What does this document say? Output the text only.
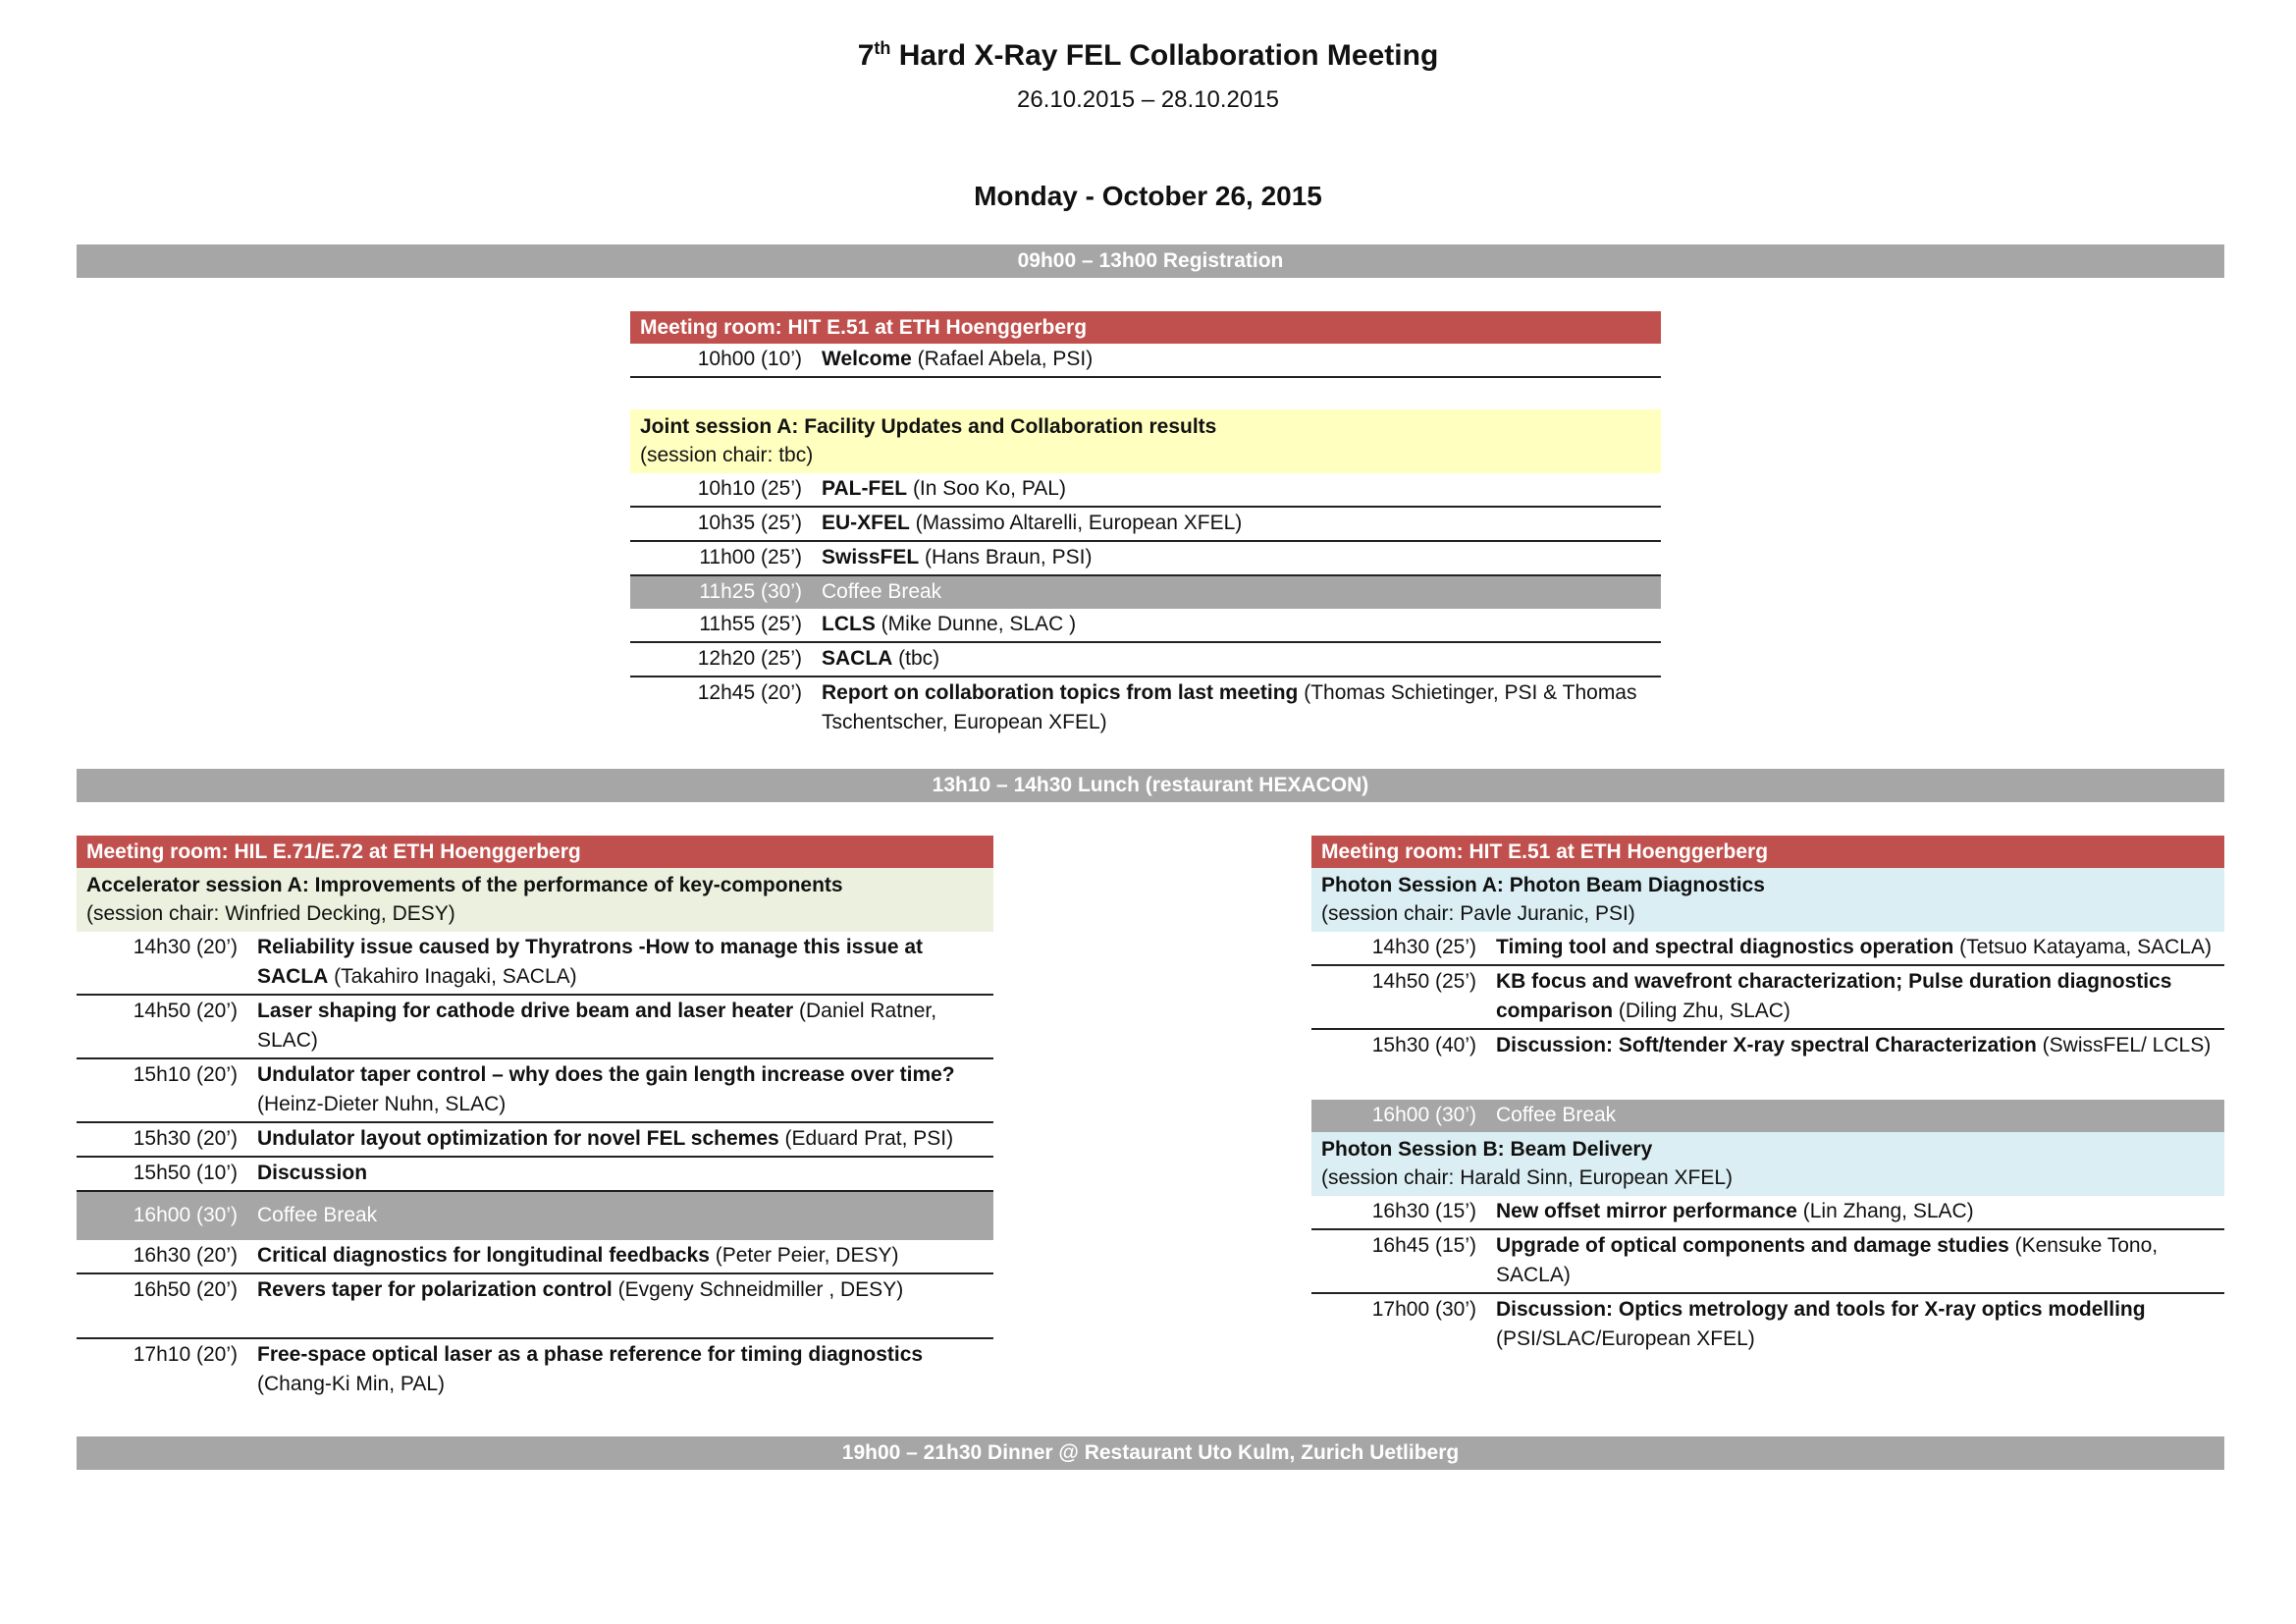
7th Hard X-Ray FEL Collaboration Meeting
26.10.2015 – 28.10.2015
Monday - October 26, 2015
09h00 – 13h00 Registration
Meeting room: HIT E.51 at ETH Hoenggerberg
10h00 (10’) Welcome (Rafael Abela, PSI)
Joint session A: Facility Updates and Collaboration results
(session chair: tbc)
10h10 (25’) PAL-FEL (In Soo Ko, PAL)
10h35 (25’) EU-XFEL (Massimo Altarelli, European XFEL)
11h00 (25’) SwissFEL (Hans Braun, PSI)
11h25 (30’) Coffee Break
11h55 (25’) LCLS (Mike Dunne, SLAC )
12h20 (25’) SACLA (tbc)
12h45 (20’) Report on collaboration topics from last meeting (Thomas Schietinger, PSI & Thomas Tschentscher, European XFEL)
13h10 – 14h30 Lunch (restaurant HEXACON)
Meeting room: HIL E.71/E.72 at ETH Hoenggerberg
Accelerator session A: Improvements of the performance of key-components
(session chair: Winfried Decking, DESY)
14h30 (20’) Reliability issue caused by Thyratrons -How to manage this issue at SACLA (Takahiro Inagaki, SACLA)
14h50 (20’) Laser shaping for cathode drive beam and laser heater (Daniel Ratner, SLAC)
15h10 (20’) Undulator taper control – why does the gain length increase over time? (Heinz-Dieter Nuhn, SLAC)
15h30 (20’) Undulator layout optimization for novel FEL schemes (Eduard Prat, PSI)
15h50 (10’) Discussion
16h00 (30’) Coffee Break
16h30 (20’) Critical diagnostics for longitudinal feedbacks (Peter Peier, DESY)
16h50 (20’) Revers taper for polarization control (Evgeny Schneidmiller , DESY)
17h10 (20’) Free-space optical laser as a phase reference for timing diagnostics (Chang-Ki Min, PAL)
Meeting room: HIT E.51 at ETH Hoenggerberg
Photon Session A: Photon Beam Diagnostics
(session chair: Pavle Juranic, PSI)
14h30 (25’) Timing tool and spectral diagnostics operation (Tetsuo Katayama, SACLA)
14h50 (25’) KB focus and wavefront characterization; Pulse duration diagnostics comparison (Diling Zhu, SLAC)
15h30 (40’) Discussion: Soft/tender X-ray spectral Characterization (SwissFEL/ LCLS)
16h00 (30’) Coffee Break
Photon Session B: Beam Delivery
(session chair: Harald Sinn, European XFEL)
16h30 (15’) New offset mirror performance (Lin Zhang, SLAC)
16h45 (15’) Upgrade of optical components and damage studies (Kensuke Tono, SACLA)
17h00 (30’) Discussion: Optics metrology and tools for X-ray optics modelling (PSI/SLAC/European XFEL)
19h00 – 21h30 Dinner @ Restaurant Uto Kulm, Zurich Uetliberg
